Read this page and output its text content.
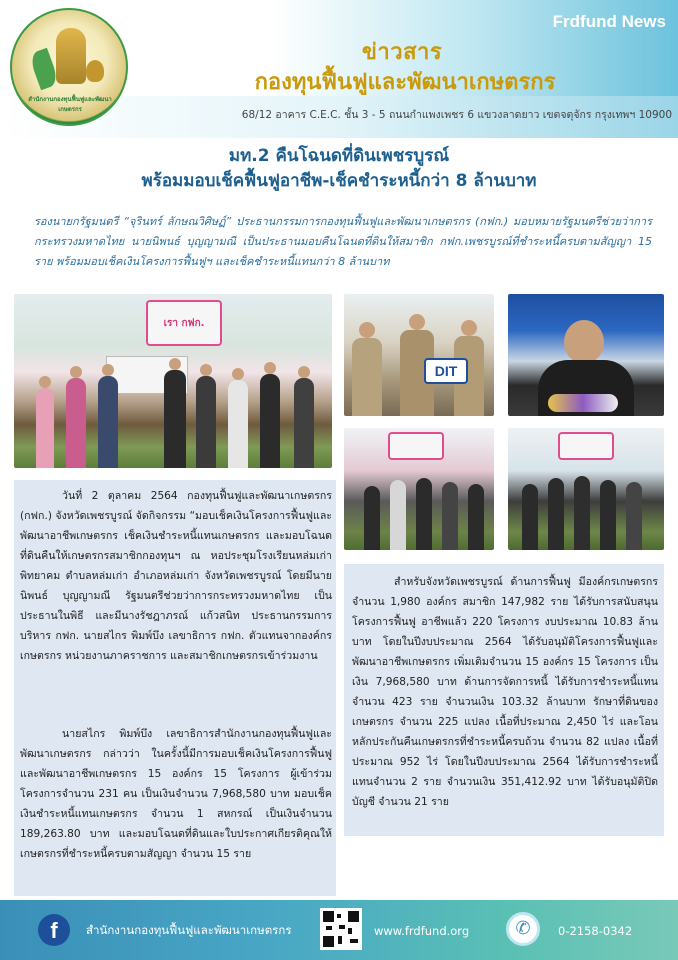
สำนักงานกองทุนฟื้นฟูและพัฒนาเกษตรกร
Frdfund News
ข่าวสาร
กองทุนฟื้นฟูและพัฒนาเกษตรกร
68/12 อาคาร C.E.C. ชั้น 3 - 5 ถนนกำแพงเพชร 6 แขวงลาดยาว เขตจตุจักร กรุงเทพฯ 10900
มท.2 คืนโฉนดที่ดินเพชรบูรณ์
พร้อมมอบเช็คฟื้นฟูอาชีพ-เช็คชำระหนี้กว่า 8 ล้านบาท
รองนายกรัฐมนตรี “จุรินทร์ ลักษณวิศิษฏ์” ประธานกรรมการกองทุนฟื้นฟูและพัฒนาเกษตรกร (กฟก.) มอบหมายรัฐมนตรีช่วยว่าการกระทรวงมหาดไทย นายนิพนธ์ บุญญามณี เป็นประธานมอบคืนโฉนดที่ดินให้สมาชิก กฟก.เพชรบูรณ์ที่ชำระหนี้ครบตามสัญญา 15 ราย พร้อมมอบเช็คเงินโครงการฟื้นฟูฯ และเช็คชำระหนี้แทนกว่า 8 ล้านบาท
เรา กฟก.
DIT
วันที่ 2 ตุลาคม 2564 กองทุนฟื้นฟูและพัฒนาเกษตรกร (กฟก.) จังหวัดเพชรบูรณ์ จัดกิจกรรม “มอบเช็คเงินโครงการฟื้นฟูและพัฒนาอาชีพเกษตรกร เช็คเงินชำระหนี้แทนเกษตรกร และมอบโฉนดที่ดินคืนให้เกษตรกรสมาชิกกองทุนฯ ณ หอประชุมโรงเรียนหล่มเก่าพิทยาคม ตำบลหล่มเก่า อำเภอหล่มเก่า จังหวัดเพชรบูรณ์ โดยมีนายนิพนธ์ บุญญามณี รัฐมนตรีช่วยว่าการกระทรวงมหาดไทย เป็นประธานในพิธี และมีนางรัชฎาภรณ์ แก้วสนิท ประธานกรรมการบริหาร กฟก. นายสไกร พิมพ์บึง เลขาธิการ กฟก. ตัวแทนจากองค์กรเกษตรกร หน่วยงานภาคราชการ และสมาชิกเกษตรกรเข้าร่วมงาน
นายสไกร พิมพ์บึง เลขาธิการสำนักงานกองทุนฟื้นฟูและพัฒนาเกษตรกร กล่าวว่า ในครั้งนี้มีการมอบเช็คเงินโครงการฟื้นฟูและพัฒนาอาชีพเกษตรกร 15 องค์กร 15 โครงการ ผู้เข้าร่วมโครงการจำนวน 231 คน เป็นเงินจำนวน 7,968,580 บาท มอบเช็คเงินชำระหนี้แทนเกษตรกร จำนวน 1 สหกรณ์ เป็นเงินจำนวน 189,263.80 บาท และมอบโฉนดที่ดินและใบประกาศเกียรติคุณให้เกษตรกรที่ชำระหนี้ครบตามสัญญา จำนวน 15 ราย
สำหรับจังหวัดเพชรบูรณ์ ด้านการฟื้นฟู มีองค์กรเกษตรกร จำนวน 1,980 องค์กร สมาชิก 147,982 ราย ได้รับการสนับสนุนโครงการฟื้นฟู อาชีพแล้ว 220 โครงการ งบประมาณ 10.83 ล้านบาท โดยในปีงบประมาณ 2564 ได้รับอนุมัติโครงการฟื้นฟูและพัฒนาอาชีพเกษตรกร เพิ่มเติมจำนวน 15 องค์กร 15 โครงการ เป็นเงิน 7,968,580 บาท ด้านการจัดการหนี้ ได้รับการชำระหนี้แทน จำนวน 423 ราย จำนวนเงิน 103.32 ล้านบาท รักษาที่ดินของเกษตรกร จำนวน 225 แปลง เนื้อที่ประมาณ 2,450 ไร่ และโอนหลักประกันคืนเกษตรกรที่ชำระหนี้ครบถ้วน จำนวน 82 แปลง เนื้อที่ประมาณ 952 ไร่ โดยในปีงบประมาณ 2564 ได้รับการชำระหนี้แทนจำนวน 2 ราย จำนวนเงิน 351,412.92 บาท ได้รับอนุมัติปิดบัญชี จำนวน 21 ราย
f	สำนักงานกองทุนฟื้นฟูและพัฒนาเกษตรกร	www.frdfund.org	✆	0-2158-0342
